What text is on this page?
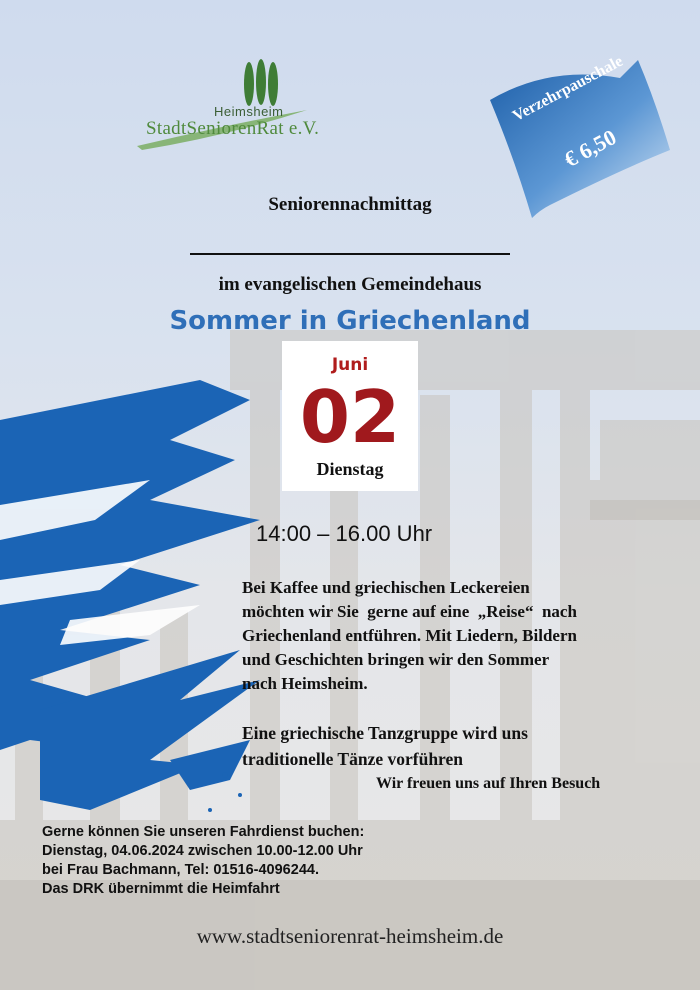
Heimsheim
StadtSeniorenRat e.V.
Verzehrpauschale
€ 6,50
Seniorennachmittag
im evangelischen Gemeindehaus
Sommer in Griechenland
Juni
02
Dienstag
14:00 – 16.00 Uhr
Bei Kaffee und griechischen Leckereien
möchten wir Sie  gerne auf eine  „Reise“  nach
Griechenland entführen. Mit Liedern, Bildern
und Geschichten bringen wir den Sommer
nach Heimsheim.
Eine griechische Tanzgruppe wird uns
traditionelle Tänze vorführen
Wir freuen uns auf Ihren Besuch
Gerne können Sie unseren Fahrdienst buchen:
Dienstag, 04.06.2024 zwischen 10.00-12.00 Uhr
bei Frau Bachmann, Tel: 01516-4096244.
Das DRK übernimmt die Heimfahrt
www.stadtseniorenrat-heimsheim.de
